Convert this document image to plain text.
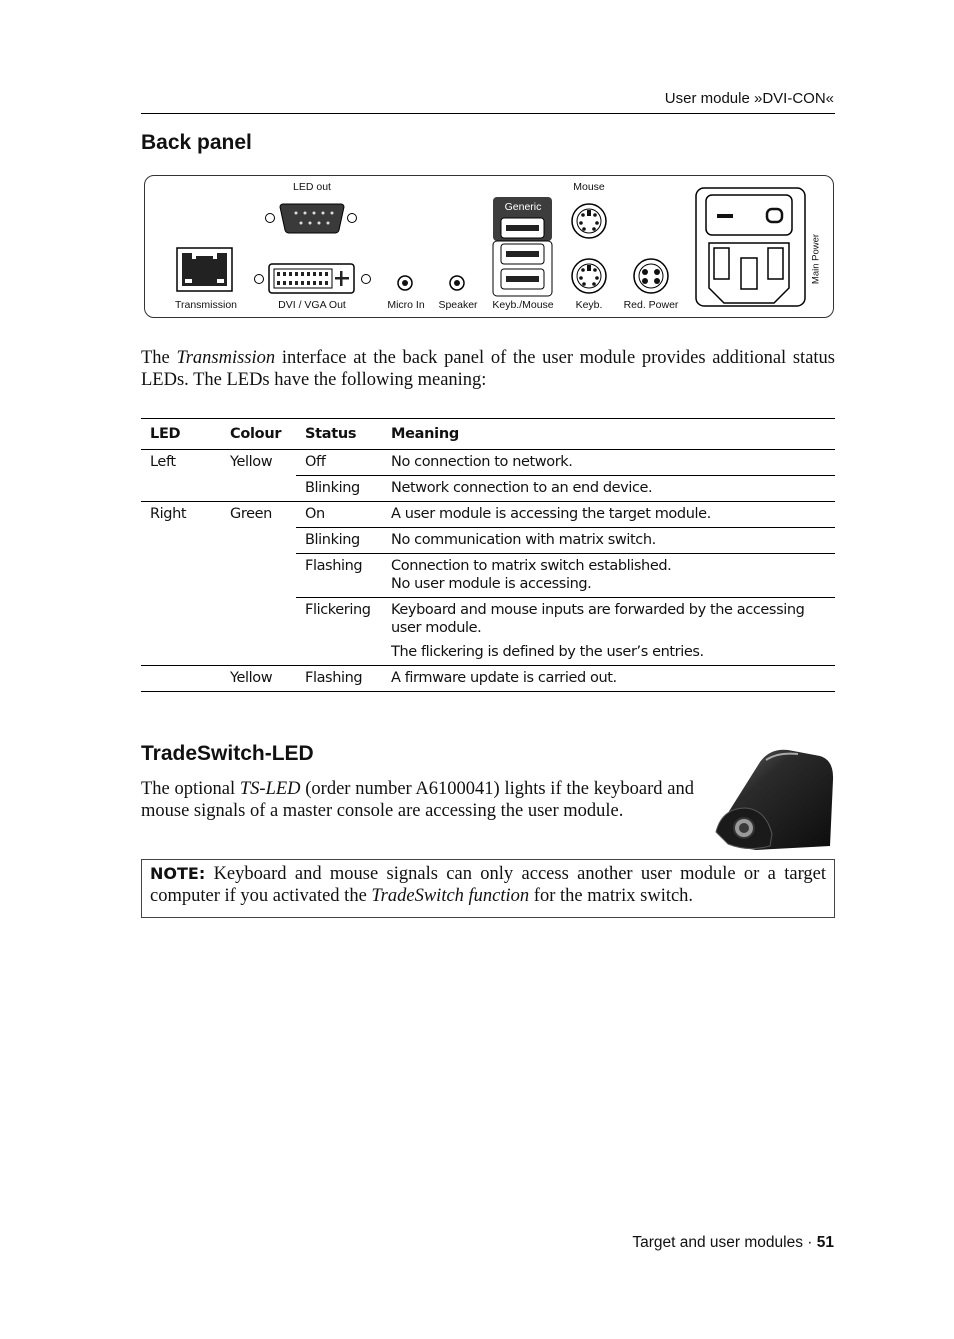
User module »DVI-CON«
Back panel
Generic
LED out	Mouse
Transmission	DVI / VGA Out	Micro In Speaker Keyb./Mouse Keyb. Red. Power
Main Power
The Transmission interface at the back panel of the user module provides additional status LEDs. The LEDs have the following meaning:
LED	Colour	Status	Meaning
Left	Yellow	Off	No connection to network.
		Blinking	Network connection to an end device.
Right	Green	On	A user module is accessing the target module.
		Blinking	No communication with matrix switch.
		Flashing	Connection to matrix switch established.
No user module is accessing.

		Flickering	Keyboard and mouse inputs are forwarded by the accessing user module.
The flickering is defined by the user’s entries.

	Yellow	Flashing	A firmware update is carried out.
TradeSwitch-LED
The optional TS-LED (order number A6100041) lights if the keyboard and mouse signals of a master console are accessing the user module.
NOTE: Keyboard and mouse signals can only access another user module or a target computer if you activated the TradeSwitch function for the matrix switch.
Target and user modules · 51
